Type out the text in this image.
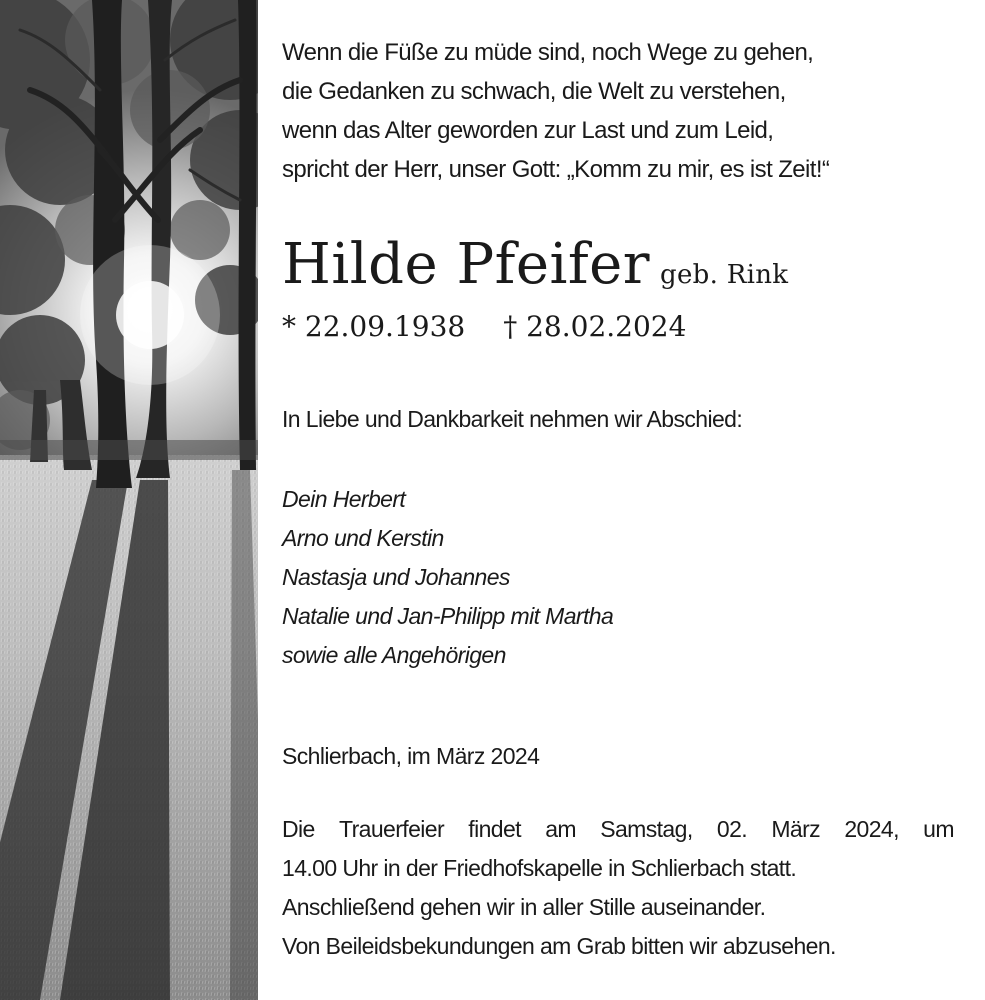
Wenn die Füße zu müde sind, noch Wege zu gehen,
die Gedanken zu schwach, die Welt zu verstehen,
wenn das Alter geworden zur Last und zum Leid,
spricht der Herr, unser Gott: „Komm zu mir, es ist Zeit!“
Hilde Pfeifer geb. Rink
* 22.09.1938 † 28.02.2024
In Liebe und Dankbarkeit nehmen wir Abschied:
Dein Herbert
Arno und Kerstin
Nastasja und Johannes
Natalie und Jan-Philipp mit Martha
sowie alle Angehörigen
Schlierbach, im März 2024
Die Trauerfeier findet am Samstag, 02. März 2024, um
14.00 Uhr in der Friedhofskapelle in Schlierbach statt.
Anschließend gehen wir in aller Stille auseinander.
Von Beileidsbekundungen am Grab bitten wir abzusehen.
